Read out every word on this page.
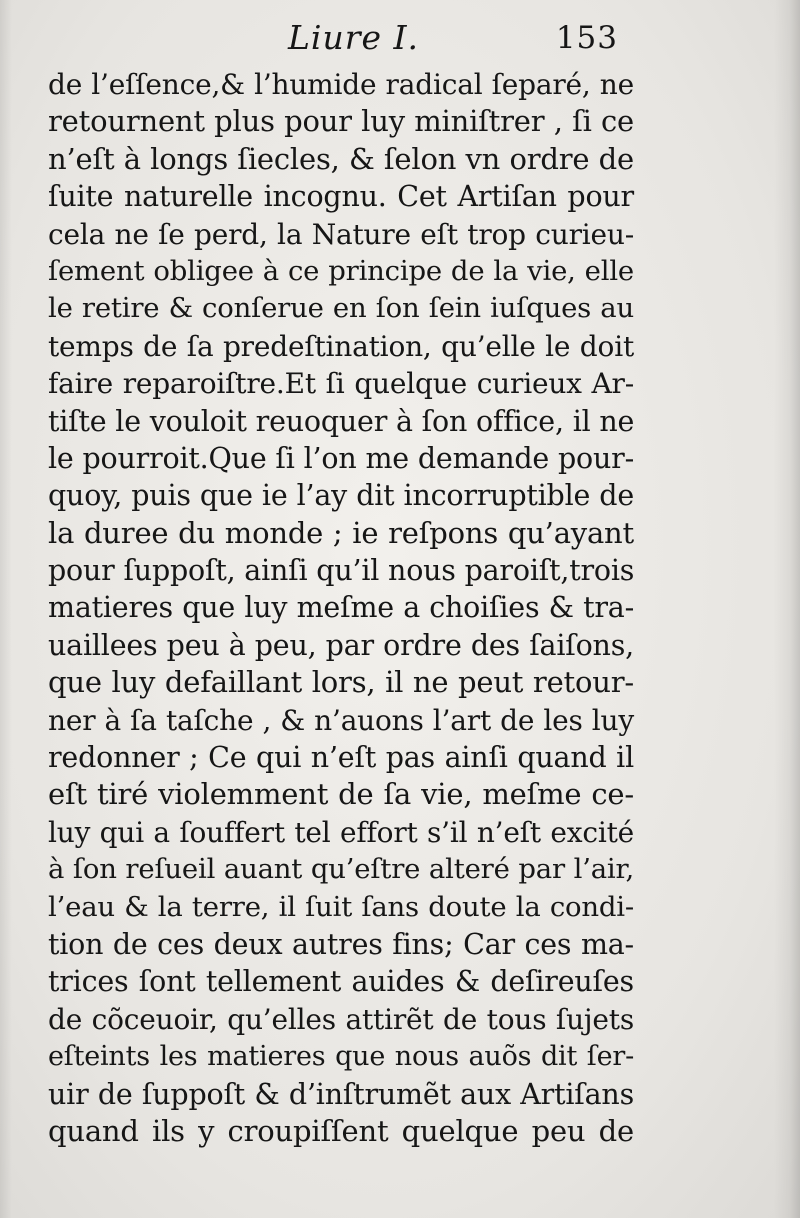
Liure I.	153
de l’eſſence,& l’humide radical ſeparé, ne
retournent plus pour luy miniſtrer , ſi ce
n’eſt à longs ſiecles, & ſelon vn ordre de
ſuite naturelle incognu. Cet Artiſan pour
cela ne ſe perd, la Nature eſt trop curieu-
ſement obligee à ce principe de la vie, elle
le retire & conſerue en ſon ſein iuſques au
temps de ſa predeſtination, qu’elle le doit
faire reparoiſtre.Et ſi quelque curieux Ar-
tiſte le vouloit reuoquer à ſon office, il ne
le pourroit.Que ſi l’on me demande pour-
quoy, puis que ie l’ay dit incorruptible de
la duree du monde ; ie reſpons qu’ayant
pour ſuppoſt, ainſi qu’il nous paroiſt,trois
matieres que luy meſme a choiſies & tra-
uaillees peu à peu, par ordre des ſaiſons,
que luy defaillant lors, il ne peut retour-
ner à ſa taſche , & n’auons l’art de les luy
redonner ; Ce qui n’eſt pas ainſi quand il
eſt tiré violemment de ſa vie, meſme ce-
luy qui a ſouffert tel effort s’il n’eſt excité
à ſon reſueil auant qu’eſtre alteré par l’air,
l’eau & la terre, il ſuit ſans doute la condi-
tion de ces deux autres fins; Car ces ma-
trices ſont tellement auides & deſireuſes
de cõceuoir, qu’elles attirẽt de tous ſujets
eſteints les matieres que nous auõs dit ſer-
uir de ſuppoſt & d’inſtrumẽt aux Artiſans
quand ils y croupiſſent quelque peu de
